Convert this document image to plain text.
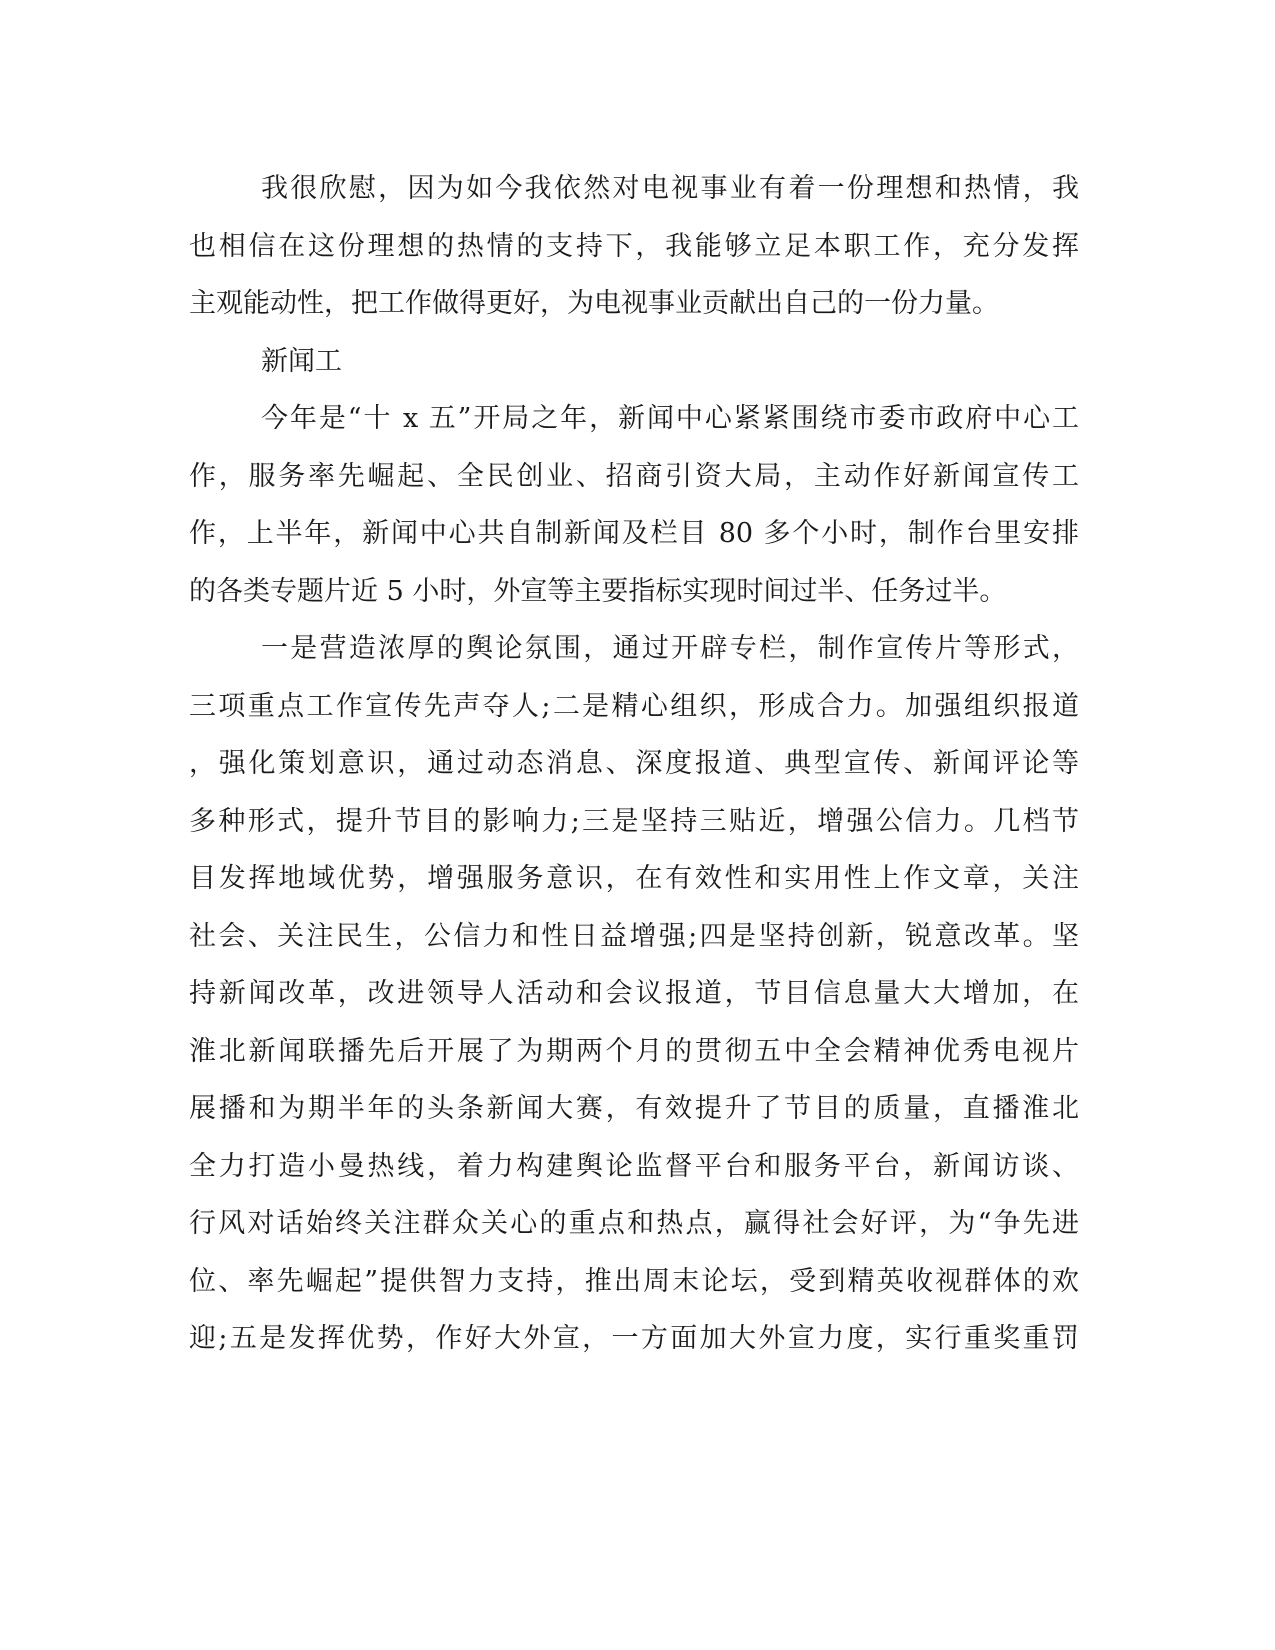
我很欣慰，因为如今我依然对电视事业有着一份理想和热情，我
也相信在这份理想的热情的支持下，我能够立足本职工作，充分发挥
主观能动性，把工作做得更好，为电视事业贡献出自己的一份力量。
新闻工
今年是“十 x 五”开局之年，新闻中心紧紧围绕市委市政府中心工
作，服务率先崛起、全民创业、招商引资大局，主动作好新闻宣传工
作，上半年，新闻中心共自制新闻及栏目 80 多个小时，制作台里安排
的各类专题片近 5 小时，外宣等主要指标实现时间过半、任务过半。
一是营造浓厚的舆论氛围，通过开辟专栏，制作宣传片等形式，
三项重点工作宣传先声夺人;二是精心组织，形成合力。加强组织报道
，强化策划意识，通过动态消息、深度报道、典型宣传、新闻评论等
多种形式，提升节目的影响力;三是坚持三贴近，增强公信力。几档节
目发挥地域优势，增强服务意识，在有效性和实用性上作文章，关注
社会、关注民生，公信力和性日益增强;四是坚持创新，锐意改革。坚
持新闻改革，改进领导人活动和会议报道，节目信息量大大增加，在
淮北新闻联播先后开展了为期两个月的贯彻五中全会精神优秀电视片
展播和为期半年的头条新闻大赛，有效提升了节目的质量，直播淮北
全力打造小曼热线，着力构建舆论监督平台和服务平台，新闻访谈、
行风对话始终关注群众关心的重点和热点，赢得社会好评，为“争先进
位、率先崛起”提供智力支持，推出周末论坛，受到精英收视群体的欢
迎;五是发挥优势，作好大外宣，一方面加大外宣力度，实行重奖重罚
